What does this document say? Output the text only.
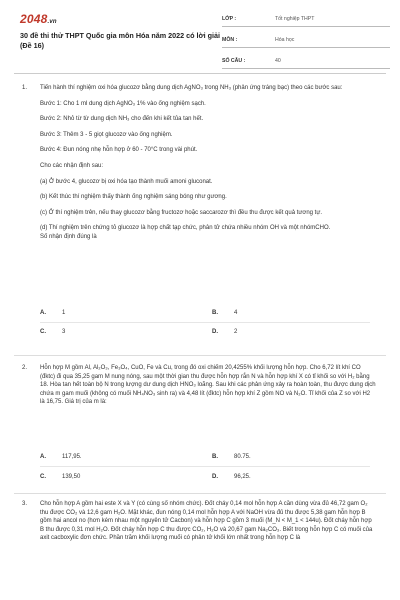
2048.vn
30 đề thi thử THPT Quốc gia môn Hóa năm 2022 có lời giải (Đề 16)
LỚP :	Tốt nghiệp THPT
MÔN :	Hóa học
SỐ CÂU :	40
1. Tiến hành thí nghiệm oxi hóa glucozơ bằng dung dịch AgNO₃ trong NH₃ (phản ứng tráng bạc) theo các bước sau:

Bước 1: Cho 1 ml dung dịch AgNO₃ 1% vào ống nghiệm sạch.

Bước 2: Nhỏ từ từ dung dịch NH₃ cho đến khi kết tủa tan hết.

Bước 3: Thêm 3 - 5 giọt glucozơ vào ống nghiệm.

Bước 4: Đun nóng nhẹ hỗn hợp ở 60 - 70°C trong vài phút.

Cho các nhận định sau:

(a) Ở bước 4, glucozơ bị oxi hóa tạo thành muối amoni gluconat.

(b) Kết thúc thí nghiệm thấy thành ống nghiệm sáng bóng như gương.

(c) Ở thí nghiệm trên, nếu thay glucozơ bằng fructozơ hoặc saccarozơ thì đều thu được kết quả tương tự.

(d) Thí nghiệm trên chứng tỏ glucozơ là hợp chất tạp chức, phân tử chứa nhiều nhóm OH và một nhómCHO.

Số nhận định đúng là

A.	1	B.	4
C.	3	D.	2
2. Hỗn hợp M gồm Al, Al₂O₃, Fe₃O₄, CuO, Fe và Cu, trong đó oxi chiếm 20,4255% khối lượng hỗn hợp. Cho 6,72 lít khí CO (đktc) đi qua 35,25 gam M nung nóng, sau một thời gian thu được hỗn hợp rắn N và hỗn hợp khí X có tỉ khối so với H₂ bằng 18. Hòa tan hết toàn bộ N trong lượng dư dung dịch HNO₃ loãng. Sau khi các phản ứng xảy ra hoàn toàn, thu được dung dịch chứa m gam muối (không có muối NH₄NO₃ sinh ra) và 4,48 lít (đktc) hỗn hợp khí Z gồm NO và N₂O. Tỉ khối của Z so với H2 là 16,75. Giá trị của m là:

A.	117,95.	B.	80.75.
C.	139,50	D.	96,25.
3. Cho hỗn hợp A gồm hai este X và Y (có cùng số nhóm chức). Đốt cháy 0,14 mol hỗn hợp A cần dùng vừa đủ 46,72 gam O₂ thu được CO₂ và 12,6 gam H₂O. Mặt khác, đun nóng 0,14 mol hỗn hợp A với NaOH vừa đủ thu được 5,38 gam hỗn hợp B gồm hai ancol no (hơn kém nhau một nguyên tử Cacbon) và hỗn hợp C gồm 3 muối (M_N < M_1 < 144u). Đốt cháy hỗn hợp B thu được 0,31 mol H₂O. Đốt cháy hỗn hợp C thu được CO₂, H₂O và 20,67 gam Na₂CO₃. Biết trong hỗn hợp C có muối của axit cacboxylic đơn chức. Phần trăm khối lượng muối có phân tử khối lớn nhất trong hỗn hợp C là
